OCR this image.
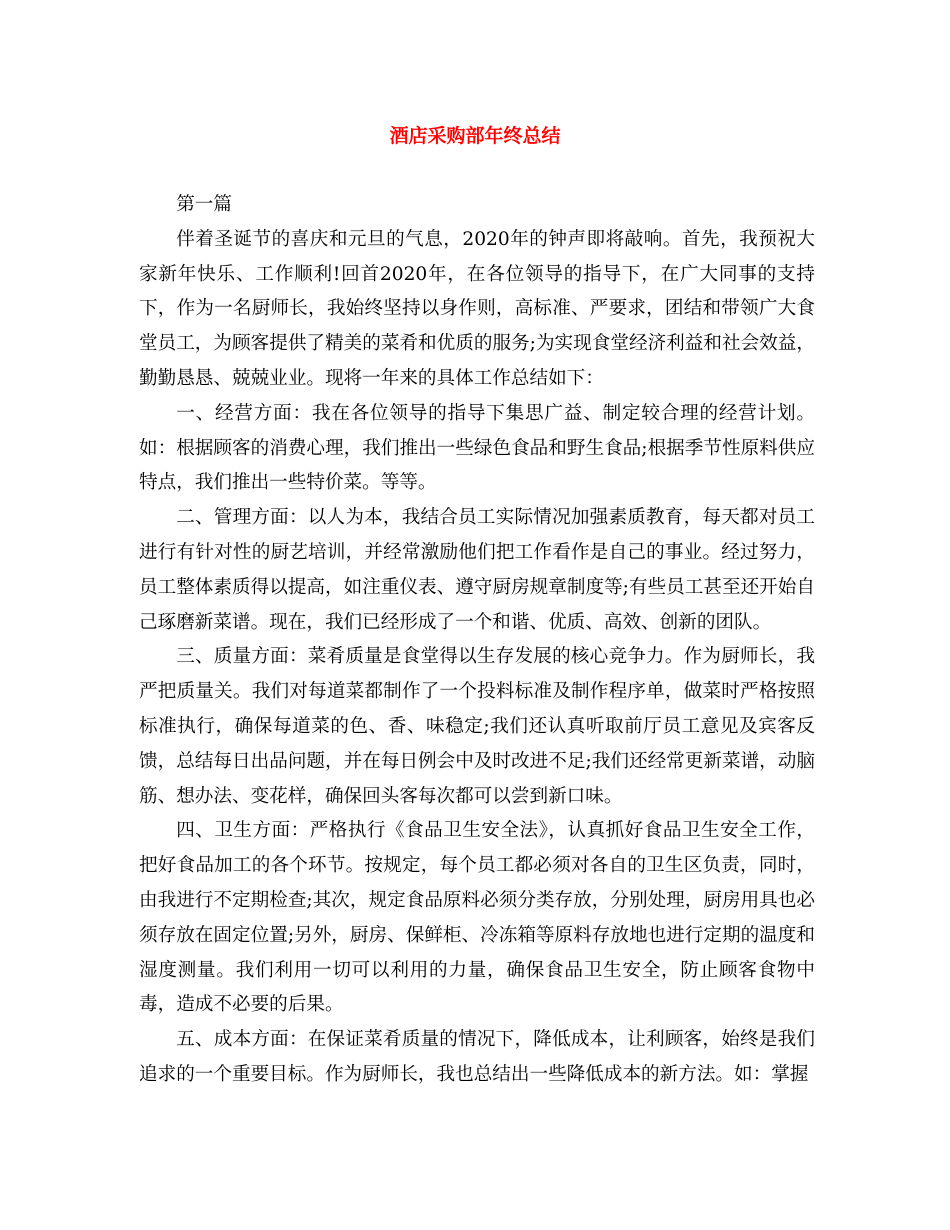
酒店采购部年终总结

第一篇

伴着圣诞节的喜庆和元旦的气息，2020年的钟声即将敲响。首先，我预祝大家新年快乐、工作顺利!回首2020年，在各位领导的指导下，在广大同事的支持下，作为一名厨师长，我始终坚持以身作则，高标准、严要求，团结和带领广大食堂员工，为顾客提供了精美的菜肴和优质的服务;为实现食堂经济利益和社会效益，勤勤恳恳、兢兢业业。现将一年来的具体工作总结如下：

一、经营方面：我在各位领导的指导下集思广益、制定较合理的经营计划。如：根据顾客的消费心理，我们推出一些绿色食品和野生食品;根据季节性原料供应特点，我们推出一些特价菜。等等。

二、管理方面：以人为本，我结合员工实际情况加强素质教育，每天都对员工进行有针对性的厨艺培训，并经常激励他们把工作看作是自己的事业。经过努力，员工整体素质得以提高，如注重仪表、遵守厨房规章制度等;有些员工甚至还开始自己琢磨新菜谱。现在，我们已经形成了一个和谐、优质、高效、创新的团队。

三、质量方面：菜肴质量是食堂得以生存发展的核心竞争力。作为厨师长，我严把质量关。我们对每道菜都制作了一个投料标准及制作程序单，做菜时严格按照标准执行，确保每道菜的色、香、味稳定;我们还认真听取前厅员工意见及宾客反馈，总结每日出品问题，并在每日例会中及时改进不足;我们还经常更新菜谱，动脑筋、想办法、变花样，确保回头客每次都可以尝到新口味。

四、卫生方面：严格执行《食品卫生安全法》，认真抓好食品卫生安全工作，把好食品加工的各个环节。按规定，每个员工都必须对各自的卫生区负责，同时，由我进行不定期检查;其次，规定食品原料必须分类存放，分别处理，厨房用具也必须存放在固定位置;另外，厨房、保鲜柜、冷冻箱等原料存放地也进行定期的温度和湿度测量。我们利用一切可以利用的力量，确保食品卫生安全，防止顾客食物中毒，造成不必要的后果。

五、成本方面：在保证菜肴质量的情况下，降低成本，让利顾客，始终是我们追求的一个重要目标。作为厨师长，我也总结出一些降低成本的新方法。如：掌握
